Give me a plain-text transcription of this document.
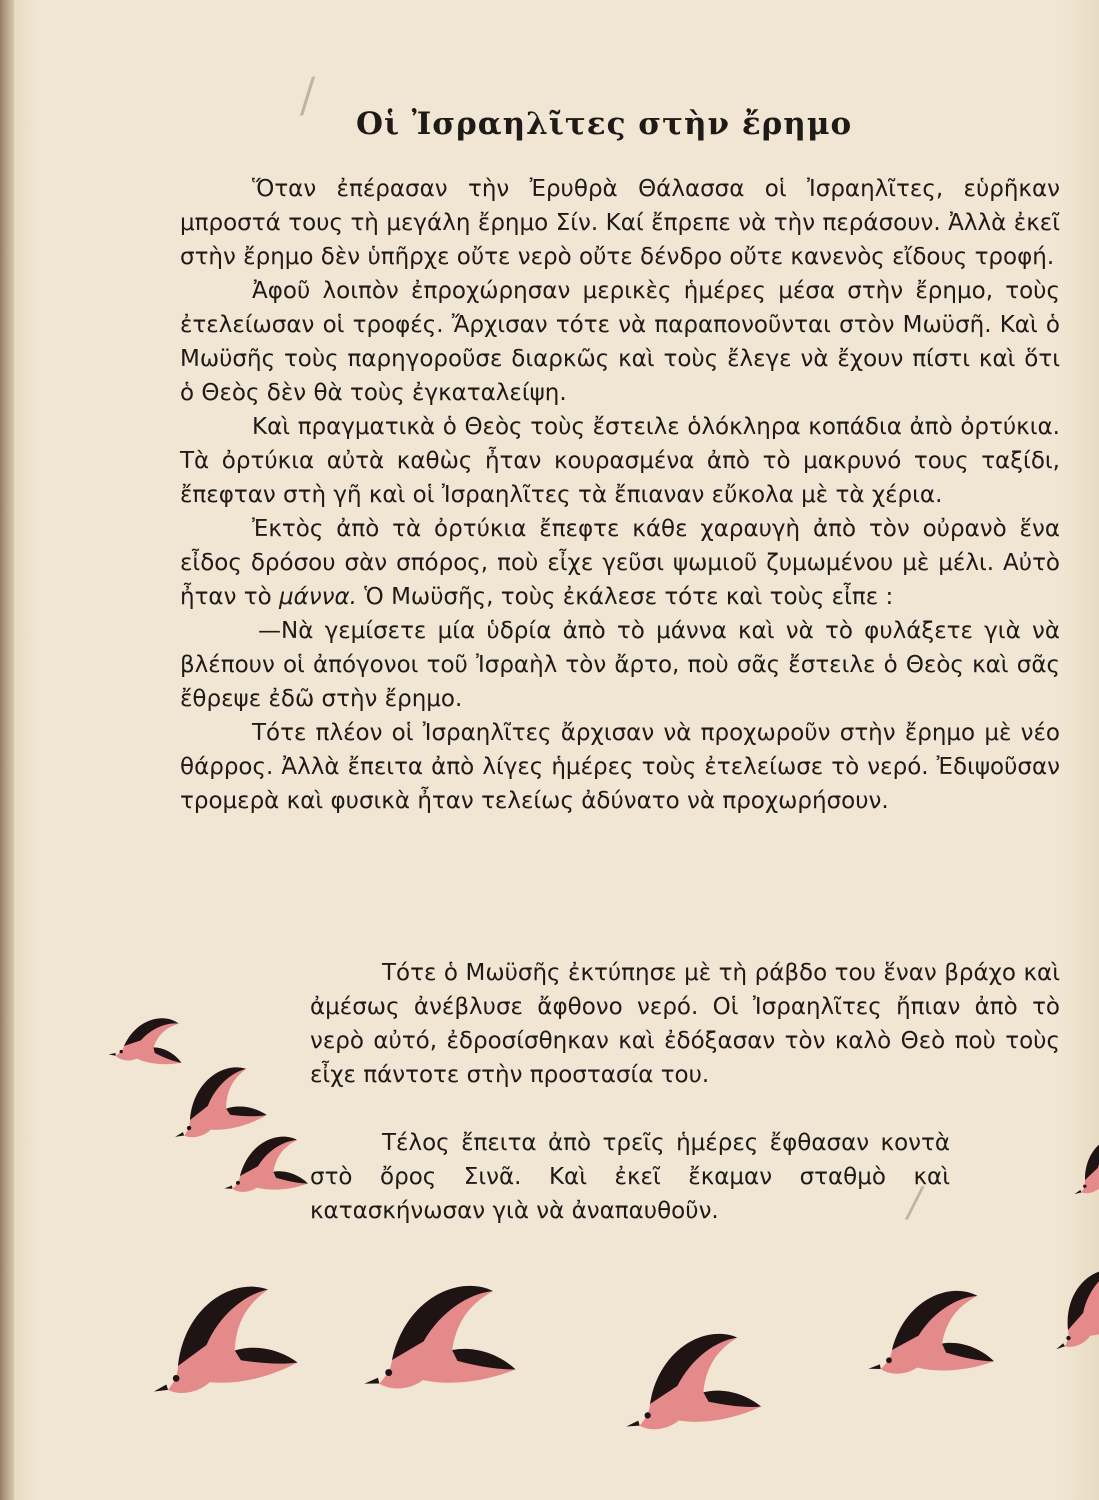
/
/
Οἱ Ἰσραηλῖτες στὴν ἔρημο

Ὅταν ἐπέρασαν τὴν Ἐρυθρὰ Θάλασσα οἱ Ἰσραηλῖτες, εὑρῆκαν μπροστά τους τὴ μεγάλη ἔρημο Σίν. Καί ἔπρεπε νὰ τὴν περάσουν. Ἀλλὰ ἐκεῖ στὴν ἔρημο δὲν ὑπῆρχε οὔτε νερὸ οὔτε δένδρο οὔτε κανενὸς εἴδους τροφή.

Ἀφοῦ λοιπὸν ἐπροχώρησαν μερικὲς ἡμέρες μέσα στὴν ἔρημο, τοὺς ἐτελείωσαν οἱ τροφές. Ἄρχισαν τότε νὰ παραπονοῦνται στὸν Μωϋσῆ. Καὶ ὁ Μωϋσῆς τοὺς παρηγοροῦσε διαρκῶς καὶ τοὺς ἔλεγε νὰ ἔχουν πίστι καὶ ὅτι ὁ Θεὸς δὲν θὰ τοὺς ἐγκαταλείψη.

Καὶ πραγματικὰ ὁ Θεὸς τοὺς ἔστειλε ὁλόκληρα κοπάδια ἀπὸ ὀρτύκια. Τὰ ὀρτύκια αὐτὰ καθὼς ἦταν κουρασμένα ἀπὸ τὸ μακρυνό τους ταξίδι, ἔπεφταν στὴ γῆ καὶ οἱ Ἰσραηλῖτες τὰ ἔπιαναν εὔκολα μὲ τὰ χέρια.

Ἐκτὸς ἀπὸ τὰ ὀρτύκια ἔπεφτε κάθε χαραυγὴ ἀπὸ τὸν οὐρανὸ ἕνα εἶδος δρόσου σὰν σπόρος, ποὺ εἶχε γεῦσι ψωμιοῦ ζυμωμένου μὲ μέλι. Αὐτὸ ἦταν τὸ μάννα. Ὁ Μωϋσῆς, τοὺς ἐκάλεσε τότε καὶ τοὺς εἶπε :

—Νὰ γεμίσετε μία ὑδρία ἀπὸ τὸ μάννα καὶ νὰ τὸ φυλάξετε γιὰ νὰ βλέπουν οἱ ἀπόγονοι τοῦ Ἰσραὴλ τὸν ἄρτο, ποὺ σᾶς ἔστειλε ὁ Θεὸς καὶ σᾶς ἔθρεψε ἐδῶ στὴν ἔρημο.

Τότε πλέον οἱ Ἰσραηλῖτες ἄρχισαν νὰ προχωροῦν στὴν ἔρημο μὲ νέο θάρρος. Ἀλλὰ ἔπειτα ἀπὸ λίγες ἡμέρες τοὺς ἐτελείωσε τὸ νερό. Ἐδιψοῦσαν τρομερὰ καὶ φυσικὰ ἦταν τελείως ἀδύνατο νὰ προχωρήσουν.

Τότε ὁ Μωϋσῆς ἐκτύπησε μὲ τὴ ράβδο του ἕναν βράχο καὶ ἀμέσως ἀνέβλυσε ἄφθονο νερό. Οἱ Ἰσραηλῖτες ἤπιαν ἀπὸ τὸ νερὸ αὐτό, ἐδροσίσθηκαν καὶ ἐδόξασαν τὸν καλὸ Θεὸ ποὺ τοὺς εἶχε πάντοτε στὴν προστασία του.

Τέλος ἔπειτα ἀπὸ τρεῖς ἡμέρες ἔφθασαν κοντὰ στὸ ὄρος Σινᾶ. Καὶ ἐκεῖ ἔκαμαν σταθμὸ καὶ κατασκήνωσαν γιὰ νὰ ἀναπαυθοῦν.
